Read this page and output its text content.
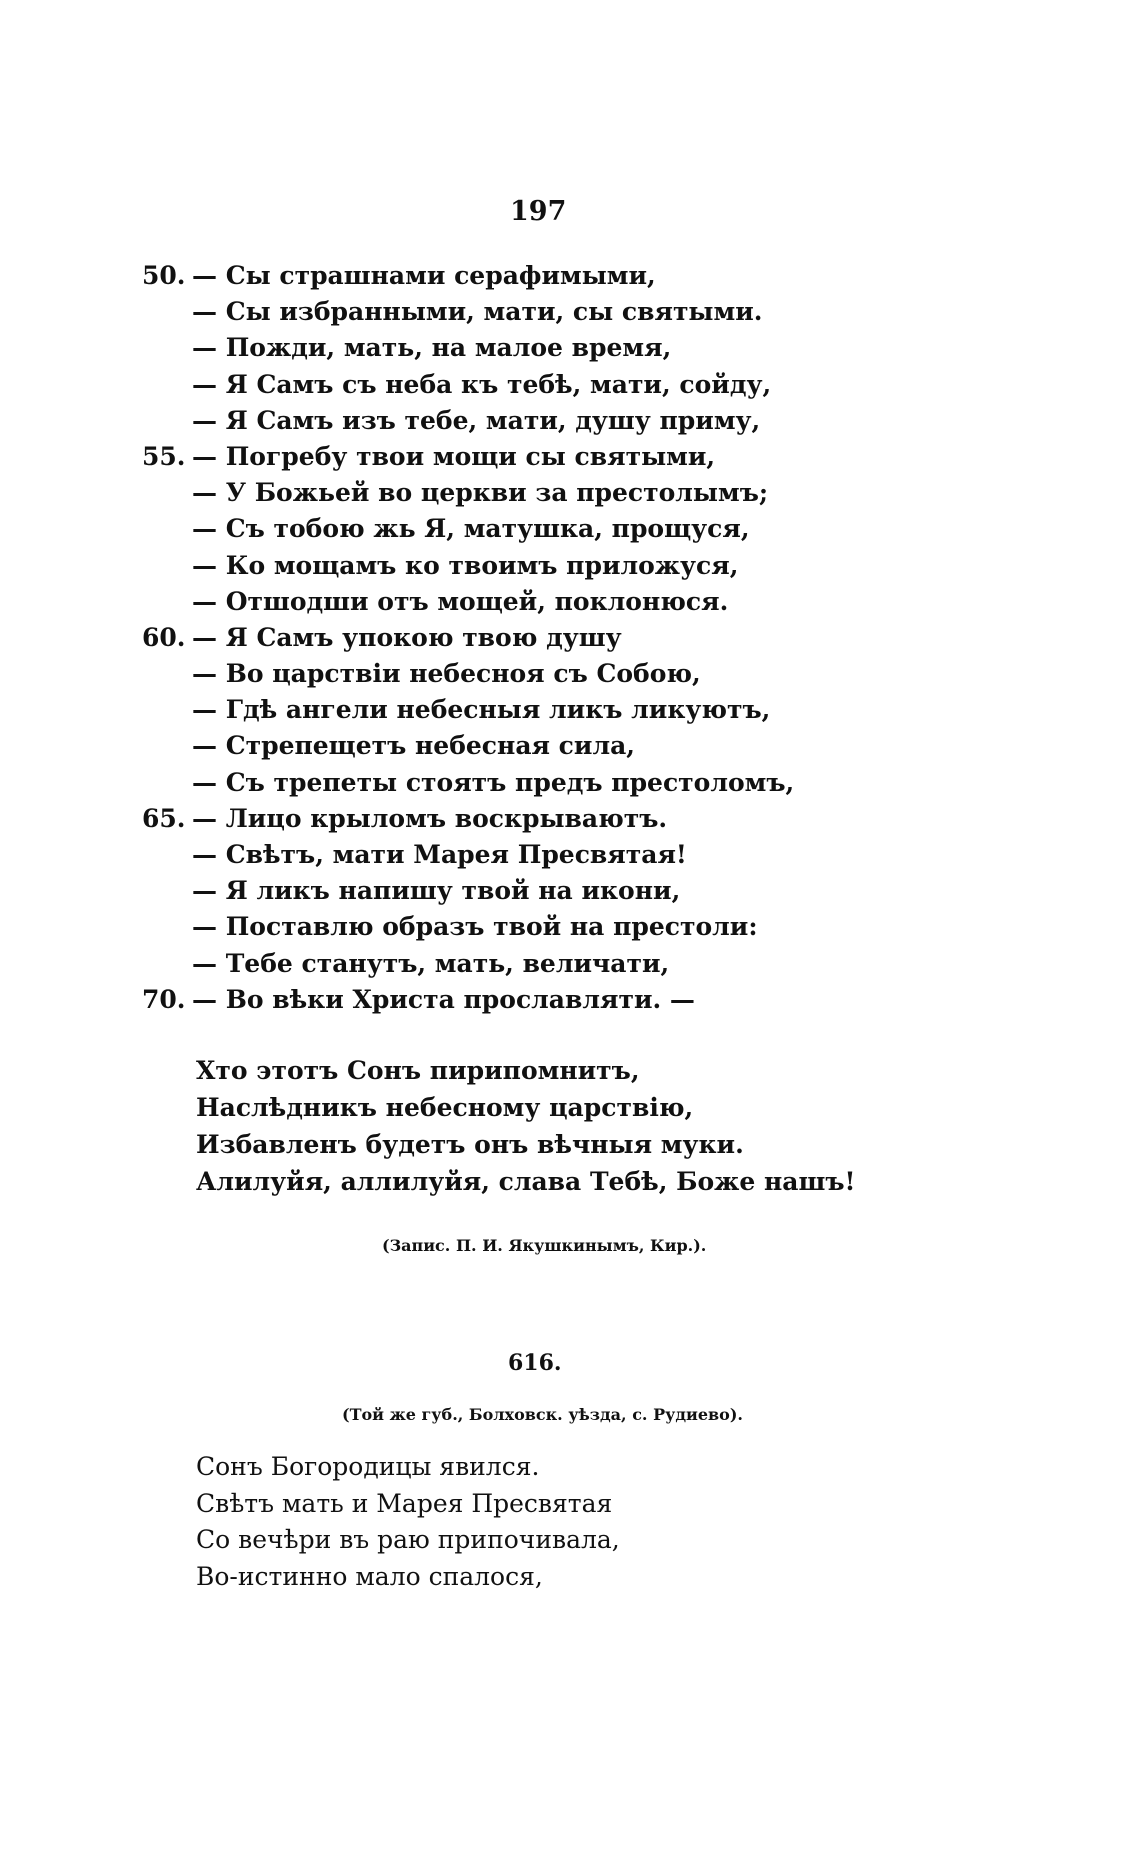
197
50. — Сы страшнами серафимыми,
— Сы избранными, мати, сы святыми.
— Пожди, мать, на малое время,
— Я Самъ съ неба къ тебѣ, мати, сойду,
— Я Самъ изъ тебе, мати, душу приму,
55. — Погребу твои мощи сы святыми,
— У Божьей во церкви за престолымъ;
— Съ тобою жь Я, матушка, прощуся,
— Ко мощамъ ко твоимъ приложуся,
— Отшодши отъ мощей, поклонюся.
60. — Я Самъ упокою твою душу
— Во царствіи небесноя съ Собою,
— Гдѣ ангели небесныя ликъ ликуютъ,
— Стрепещетъ небесная сила,
— Съ трепеты стоятъ предъ престоломъ,
65. — Лицо крыломъ воскрываютъ.
— Свѣтъ, мати Марея Пресвятая!
— Я ликъ напишу твой на икони,
— Поставлю образъ твой на престоли:
— Тебе станутъ, мать, величати,
70. — Во вѣки Христа прославляти. —
Хто этотъ Сонъ пирипомнитъ,
Наслѣдникъ небесному царствію,
Избавленъ будетъ онъ вѣчныя муки.
Алилуйя, аллилуйя, слава Тебѣ, Боже нашъ!
(Запис. П. И. Якушкинымъ, Кир.).
616.
(Той же губ., Болховск. уѣзда, с. Рудиево).
Сонъ Богородицы явился.
Свѣтъ мать и Марея Пресвятая
Со вечѣри въ раю припочивала,
Во-истинно мало спалося,
